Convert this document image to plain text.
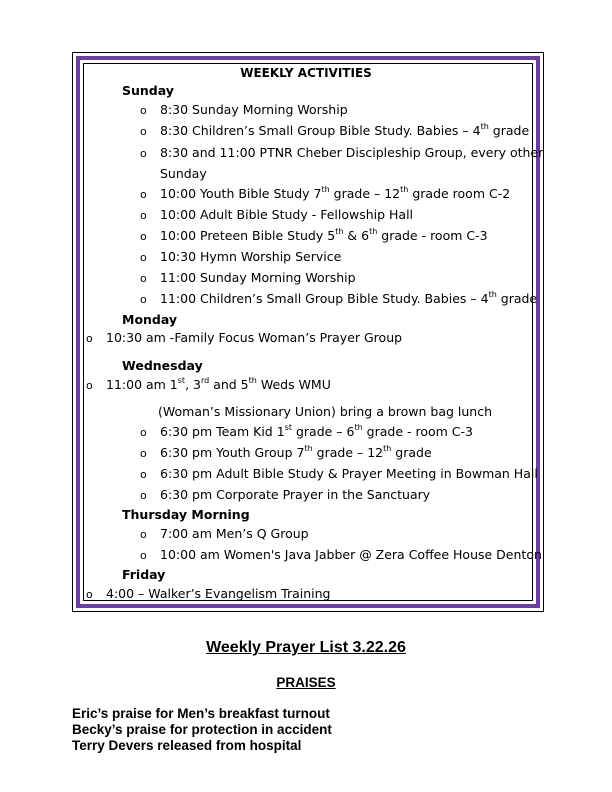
WEEKLY ACTIVITIES
Sunday
o 8:30 Sunday Morning Worship
o 8:30 Children’s Small Group Bible Study. Babies – 4th grade
o 8:30 and 11:00 PTNR Cheber Discipleship Group, every other
Sunday
o 10:00 Youth Bible Study 7th grade – 12th grade room C-2
o 10:00 Adult Bible Study - Fellowship Hall
o 10:00 Preteen Bible Study 5th & 6th grade - room C-3
o 10:30 Hymn Worship Service
o 11:00 Sunday Morning Worship
o 11:00 Children’s Small Group Bible Study. Babies – 4th grade
Monday
o 10:30 am -Family Focus Woman’s Prayer Group
Wednesday
o 11:00 am 1st, 3rd and 5th Weds WMU
(Woman’s Missionary Union) bring a brown bag lunch
o 6:30 pm Team Kid 1st grade – 6th grade - room C-3
o 6:30 pm Youth Group 7th grade – 12th grade
o 6:30 pm Adult Bible Study & Prayer Meeting in Bowman Hall
o 6:30 pm Corporate Prayer in the Sanctuary
Thursday Morning
o 7:00 am Men’s Q Group
o 10:00 am Women's Java Jabber @ Zera Coffee House Denton
Friday
o 4:00 – Walker’s Evangelism Training
Weekly Prayer List 3.22.26
PRAISES
Eric’s praise for Men’s breakfast turnout
Becky’s praise for protection in accident
Terry Devers released from hospital
